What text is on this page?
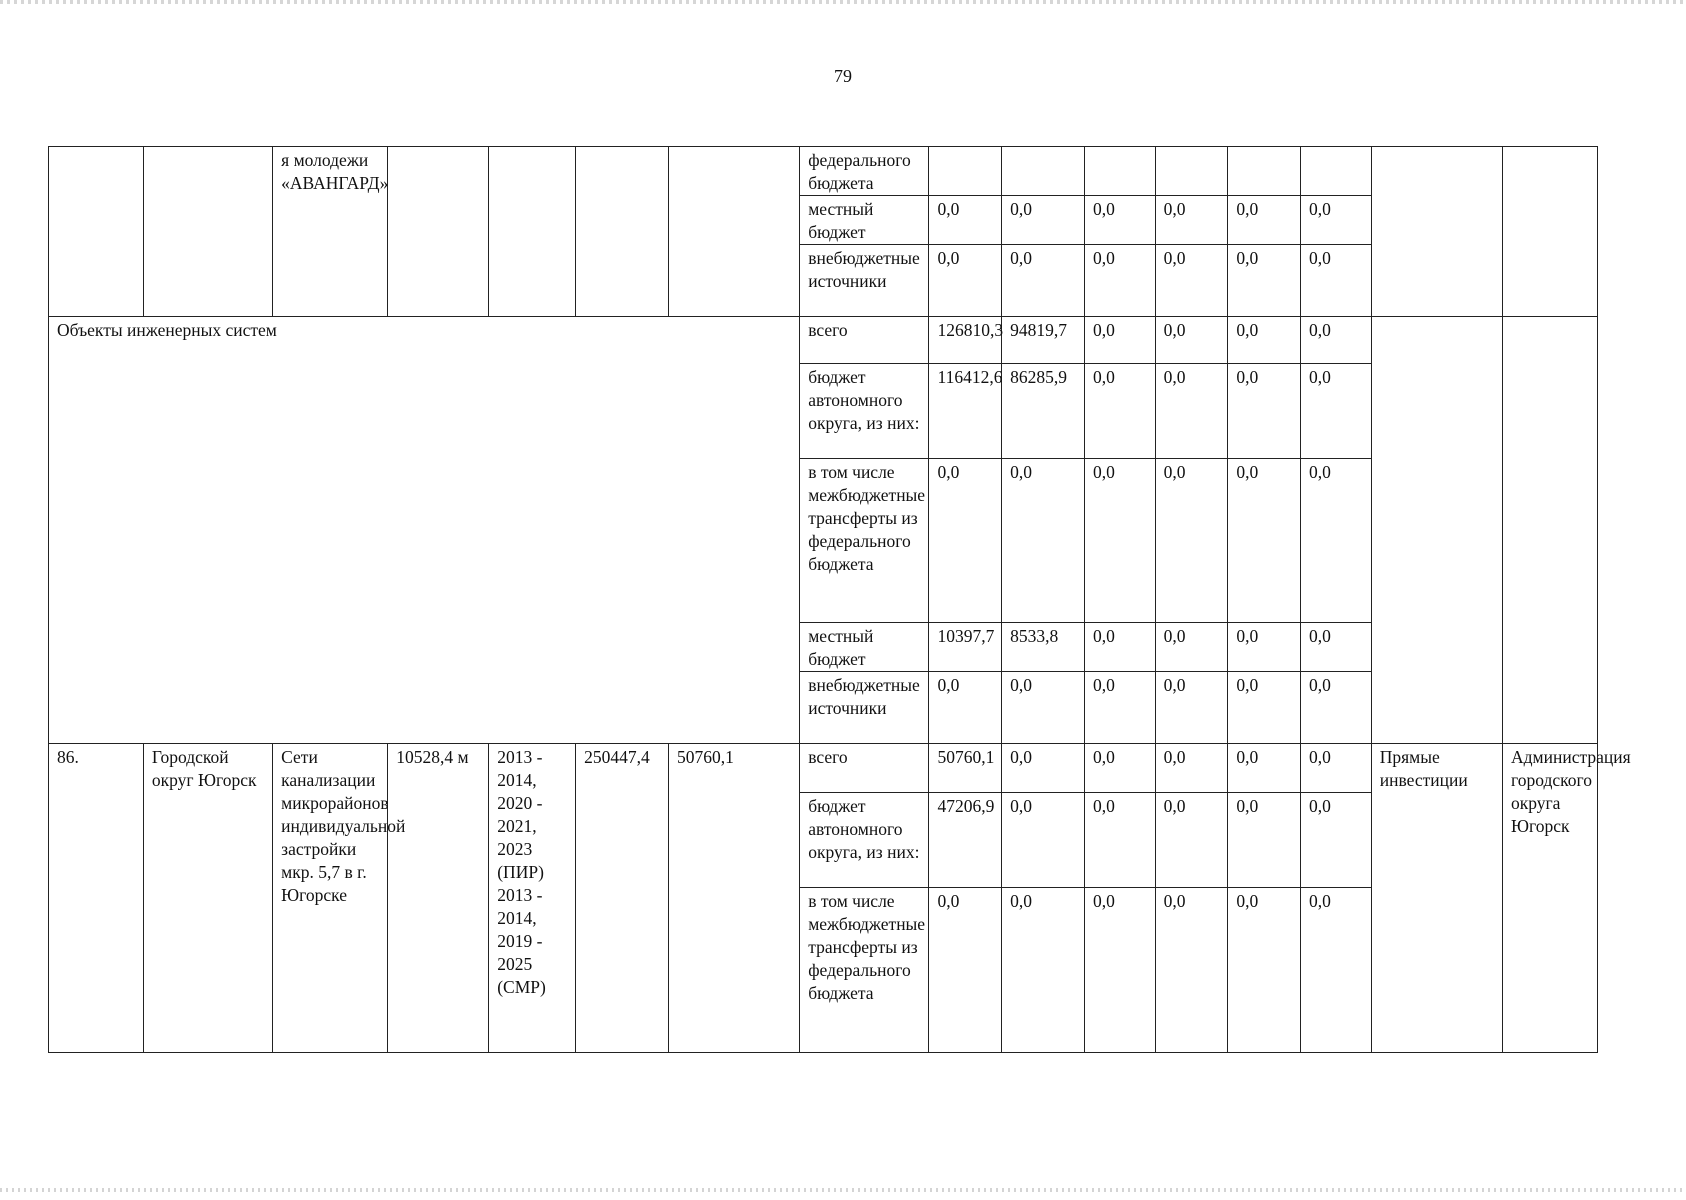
79
		я молодежи «АВАНГАРД»					федерального бюджета								
							местный бюджет	0,0	0,0	0,0	0,0	0,0	0,0		
							внебюджетные источники	0,0	0,0	0,0	0,0	0,0	0,0		
Объекты инженерных систем							всего	126810,3	94819,7	0,0	0,0	0,0	0,0		
							бюджет автономного округа, из них:	116412,6	86285,9	0,0	0,0	0,0	0,0		
							в том числе межбюджетные трансферты из федерального бюджета	0,0	0,0	0,0	0,0	0,0	0,0		
							местный бюджет	10397,7	8533,8	0,0	0,0	0,0	0,0		
							внебюджетные источники	0,0	0,0	0,0	0,0	0,0	0,0		
86.	Городской округ Югорск	Сети канализации микрорайонов индивидуальной застройки мкр. 5,7 в г. Югорске	10528,4 м	2013 - 2014, 2020 - 2021, 2023 (ПИР) 2013 - 2014, 2019 - 2025 (СМР)	250447,4	50760,1	всего	50760,1	0,0	0,0	0,0	0,0	0,0	Прямые инвестиции	Администрация городского округа Югорск
							бюджет автономного округа, из них:	47206,9	0,0	0,0	0,0	0,0	0,0		
							в том числе межбюджетные трансферты из федерального бюджета	0,0	0,0	0,0	0,0	0,0	0,0		
